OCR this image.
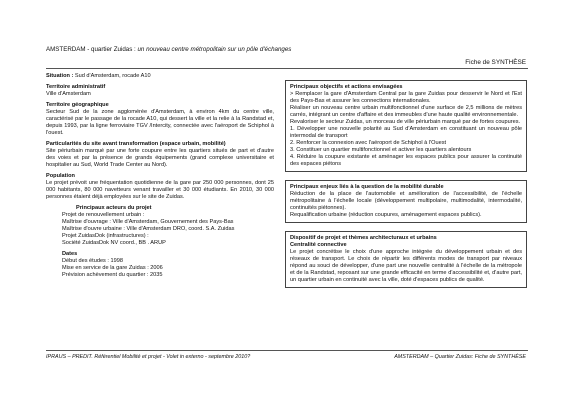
AMSTERDAM - quartier Zuidas : un nouveau centre métropolitain sur un pôle d'échanges
Fiche de SYNTHÈSE
Situation : Sud d'Amsterdam, rocade A10
Territoire administratif
Ville d'Amsterdam
Territoire géographique

Secteur Sud de la zone agglomérée d'Amsterdam, à environ 4km du centre ville, caractérisé par le passage de la rocade A10, qui dessert la ville et la relie à la Randstad et, depuis 1993, par la ligne ferroviaire TGV /Intercity, connectée avec l'aéroport de Schiphol à l'ouest.

Particularités du site avant transformation (espace urbain, mobilité)

Site périurbain marqué par une forte coupure entre les quartiers situés de part et d'autre des voies et par la présence de grands équipements (grand complexe universitaire et hospitalier au Sud, World Trade Center au Nord).

Population

Le projet prévoit une fréquentation quotidienne de la gare par 250 000 personnes, dont 25 000 habitants, 80 000 navetteurs venant travailler et 30 000 étudiants. En 2010, 30 000 personnes étaient déjà employées sur le site de Zuidas.

Principaux acteurs du projet
Projet de renouvellement urbain :
Maîtrise d'ouvrage : Ville d'Amsterdam, Gouvernement des Pays-Bas
Maîtrise d'ouvre urbaine : Ville d'Amsterdam DRO, coord. S.A. Zuidas
Projet ZuidasDok (infrastructures) :
Société ZuidasDok NV coord., BB . ARUP
Dates
Début des études : 1998
Mise en service de la gare Zuidas : 2006
Prévision achèvement du quartier : 2035
Principaux objectifs et actions envisagées

> Remplacer la gare d'Amsterdam Central par la gare Zuidas pour desservir le Nord et l'Est des Pays-Bas et assurer les connections internationales.

Réaliser un nouveau centre urbain multifonctionnel d'une surface de 2,5 millions de mètres carrés, intégrant un centre d'affaire et des immeubles d'une haute qualité environnementale.

Revaloriser le secteur Zuidas, un morceau de ville périurbain marqué par de fortes coupures.

1. Développer une nouvelle polarité au Sud d'Amsterdam en constituant un nouveau pôle intermodal de transport

2. Renforcer la connexion avec l'aéroport de Schiphol à l'Ouest

3. Constituer un quartier multifonctionnel et activer les quartiers alentours

4. Réduire la coupure existante et aménager les espaces publics pour assurer la continuité des espaces piétons

Principaux enjeux liés à la question de la mobilité durable

Réduction de la place de l'automobile et amélioration de l'accessibilité, de l'échelle métropolitaine à l'échelle locale (développement multipolaire, multimodalité, intermodalité, continuités piétonnes).

Requalification urbaine (réduction coupures, aménagement espaces publics).

Dispositif de projet et thèmes architecturaux et urbains
Centralité connective

Le projet concrétise le choix d'une approche intégrée du développement urbain et des réseaux de transport. Le choix de répartir les différents modes de transport par niveaux répond au souci de développer, d'une part une nouvelle centralité à l'échelle de la métropole et de la Randstad, reposant sur une grande efficacité en terme d'accessibilité et, d'autre part, un quartier urbain en continuité avec la ville, doté d'espaces publics de qualité.

IPRAUS – PREDIT. Référentiel Mobilité et projet - Volet in externo - septembre 2010?	AMSTERDAM – Quartier Zuidas: Fiche de SYNTHÈSE
